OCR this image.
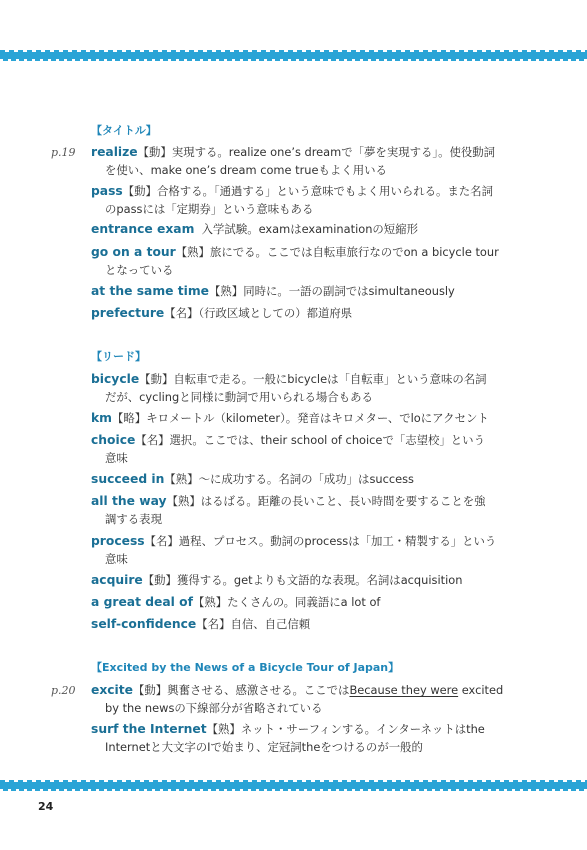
【タイトル】
p.19 realize【動】実現する。realize one’s dreamで「夢を実現する」。使役動詞
を使い、make one’s dream come trueもよく用いる
pass【動】合格する。「通過する」という意味でもよく用いられる。また名詞
のpassには「定期券」という意味もある
entrance exam 入学試験。examはexaminationの短縮形
go on a tour【熟】旅にでる。ここでは自転車旅行なのでon a bicycle tour
となっている
at the same time【熟】同時に。一語の副詞ではsimultaneously
prefecture【名】（行政区域としての）都道府県
【リード】
bicycle【動】自転車で走る。一般にbicycleは「自転車」という意味の名詞
だが、cyclingと同様に動詞で用いられる場合もある
km【略】キロメートル（kilometer）。発音はキロメター、でloにアクセント
choice【名】選択。ここでは、their school of choiceで「志望校」という
意味
succeed in【熟】〜に成功する。名詞の「成功」はsuccess
all the way【熟】はるばる。距離の長いこと、長い時間を要することを強
調する表現
process【名】過程、プロセス。動詞のprocessは「加工・精製する」という
意味
acquire【動】獲得する。getよりも文語的な表現。名詞はacquisition
a great deal of【熟】たくさんの。同義語にa lot of
self-confidence【名】自信、自己信頼
【Excited by the News of a Bicycle Tour of Japan】
p.20 excite【動】興奮させる、感激させる。ここではBecause they were excited
by the newsの下線部分が省略されている
surf the Internet【熟】ネット・サーフィンする。インターネットはthe
Internetと大文字のIで始まり、定冠詞theをつけるのが一般的
24
